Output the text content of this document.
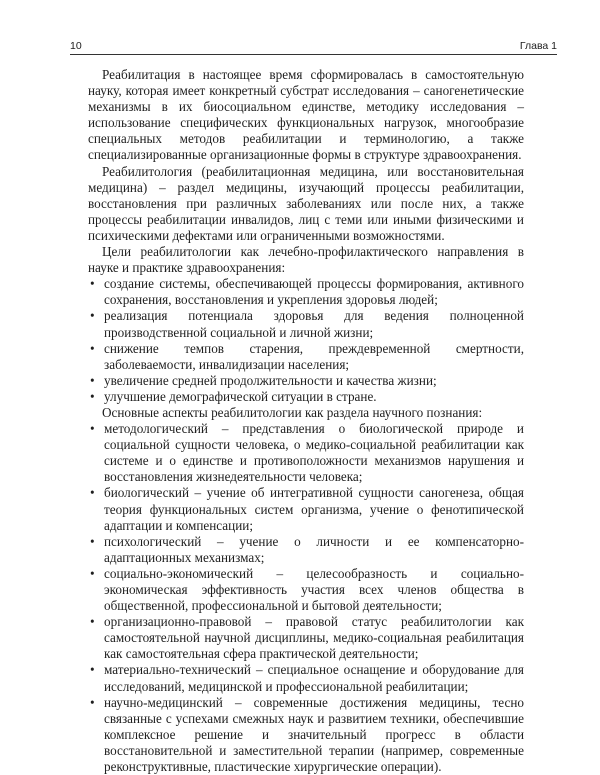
10	Глава 1

Реабилитация в настоящее время сформировалась в самостоятельную науку, которая имеет конкретный субстрат исследования – саногенетические механизмы в их биосоциальном единстве, методику исследования – использование специфических функциональных нагрузок, многообразие специальных методов реабилитации и терминологию, а также специализированные организационные формы в структуре здравоохранения.

Реабилитология (реабилитационная медицина, или восстановительная медицина) – раздел медицины, изучающий процессы реабилитации, восстановления при различных заболеваниях или после них, а также процессы реабилитации инвалидов, лиц с теми или иными физическими и психическими дефектами или ограниченными возможностями.

Цели реабилитологии как лечебно-профилактического направления в науке и практике здравоохранения:

• создание системы, обеспечивающей процессы формирования, активного сохранения, восстановления и укрепления здоровья людей;
• реализация потенциала здоровья для ведения полноценной производственной социальной и личной жизни;
• снижение темпов старения, преждевременной смертности, заболеваемости, инвалидизации населения;
• увеличение средней продолжительности и качества жизни;
• улучшение демографической ситуации в стране.

Основные аспекты реабилитологии как раздела научного познания:

• методологический – представления о биологической природе и социальной сущности человека, о медико-социальной реабилитации как системе и о единстве и противоположности механизмов нарушения и восстановления жизнедеятельности человека;
• биологический – учение об интегративной сущности саногенеза, общая теория функциональных систем организма, учение о фенотипической адаптации и компенсации;
• психологический – учение о личности и ее компенсаторно-адаптационных механизмах;
• социально-экономический – целесообразность и социально-экономическая эффективность участия всех членов общества в общественной, профессиональной и бытовой деятельности;
• организационно-правовой – правовой статус реабилитологии как самостоятельной научной дисциплины, медико-социальная реабилитация как самостоятельная сфера практической деятельности;
• материально-технический – специальное оснащение и оборудование для исследований, медицинской и профессиональной реабилитации;
• научно-медицинский – современные достижения медицины, тесно связанные с успехами смежных наук и развитием техники, обеспечившие комплексное решение и значительный прогресс в области восстановительной и заместительной терапии (например, современные реконструктивные, пластические хирургические операции).
